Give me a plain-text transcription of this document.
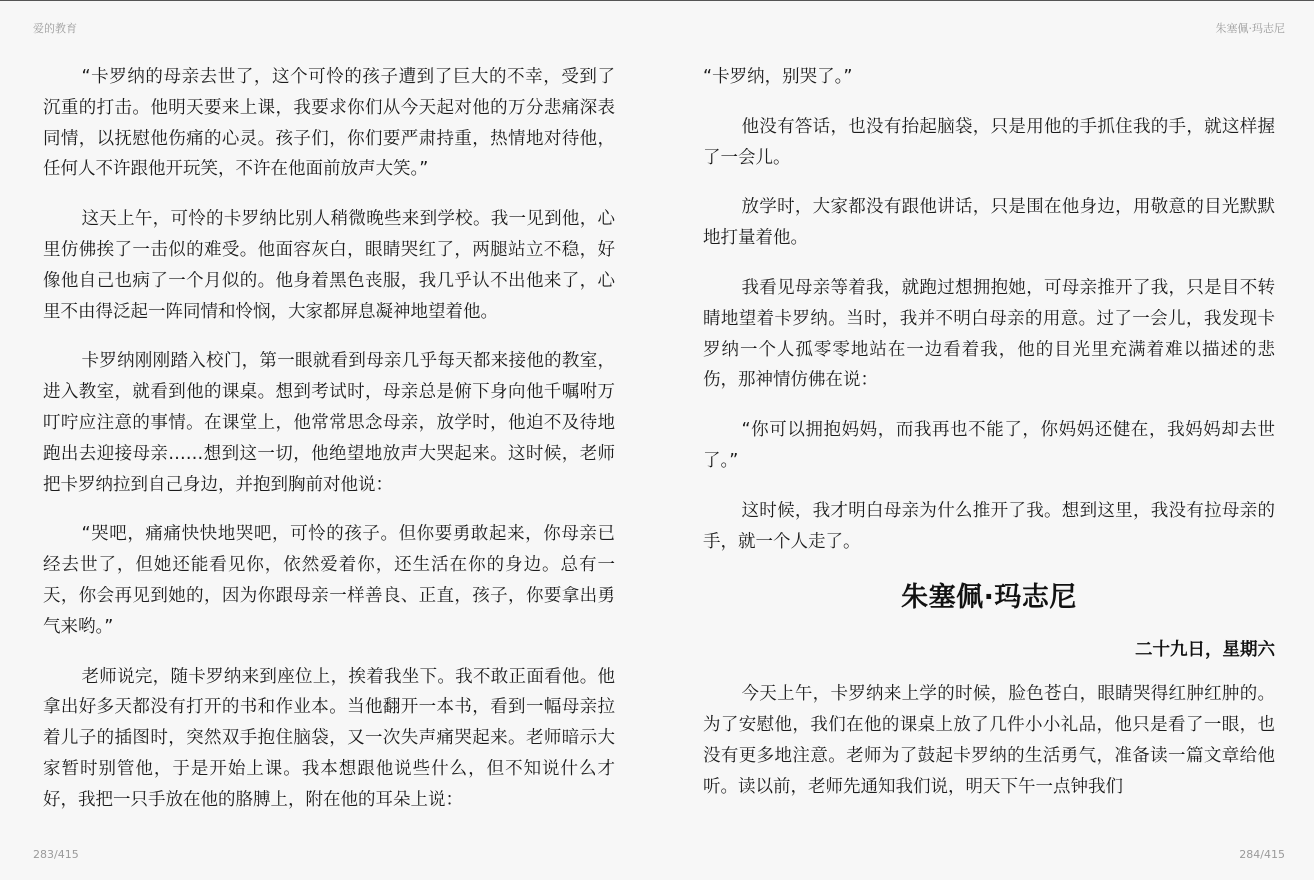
爱的教育	朱塞佩·玛志尼

“卡罗纳的母亲去世了，这个可怜的孩子遭到了巨大的不幸，受到了沉重的打击。他明天要来上课，我要求你们从今天起对他的万分悲痛深表同情，以抚慰他伤痛的心灵。孩子们，你们要严肃持重，热情地对待他，任何人不许跟他开玩笑，不许在他面前放声大笑。”

这天上午，可怜的卡罗纳比别人稍微晚些来到学校。我一见到他，心里仿佛挨了一击似的难受。他面容灰白，眼睛哭红了，两腿站立不稳，好像他自己也病了一个月似的。他身着黑色丧服，我几乎认不出他来了，心里不由得泛起一阵同情和怜悯，大家都屏息凝神地望着他。

卡罗纳刚刚踏入校门，第一眼就看到母亲几乎每天都来接他的教室，进入教室，就看到他的课桌。想到考试时，母亲总是俯下身向他千嘱咐万叮咛应注意的事情。在课堂上，他常常思念母亲，放学时，他迫不及待地跑出去迎接母亲……想到这一切，他绝望地放声大哭起来。这时候，老师把卡罗纳拉到自己身边，并抱到胸前对他说：

“哭吧，痛痛快快地哭吧，可怜的孩子。但你要勇敢起来，你母亲已经去世了，但她还能看见你，依然爱着你，还生活在你的身边。总有一天，你会再见到她的，因为你跟母亲一样善良、正直，孩子，你要拿出勇气来哟。”

老师说完，随卡罗纳来到座位上，挨着我坐下。我不敢正面看他。他拿出好多天都没有打开的书和作业本。当他翻开一本书，看到一幅母亲拉着儿子的插图时，突然双手抱住脑袋，又一次失声痛哭起来。老师暗示大家暂时别管他，于是开始上课。我本想跟他说些什么，但不知说什么才好，我把一只手放在他的胳膊上，附在他的耳朵上说：

“卡罗纳，别哭了。”

他没有答话，也没有抬起脑袋，只是用他的手抓住我的手，就这样握了一会儿。

放学时，大家都没有跟他讲话，只是围在他身边，用敬意的目光默默地打量着他。

我看见母亲等着我，就跑过想拥抱她，可母亲推开了我，只是目不转睛地望着卡罗纳。当时，我并不明白母亲的用意。过了一会儿，我发现卡罗纳一个人孤零零地站在一边看着我，他的目光里充满着难以描述的悲伤，那神情仿佛在说：

“你可以拥抱妈妈，而我再也不能了，你妈妈还健在，我妈妈却去世了。”

这时候，我才明白母亲为什么推开了我。想到这里，我没有拉母亲的手，就一个人走了。

朱塞佩·玛志尼
二十九日，星期六

今天上午，卡罗纳来上学的时候，脸色苍白，眼睛哭得红肿红肿的。为了安慰他，我们在他的课桌上放了几件小小礼品，他只是看了一眼，也没有更多地注意。老师为了鼓起卡罗纳的生活勇气，准备读一篇文章给他听。读以前，老师先通知我们说，明天下午一点钟我们

283/415	284/415
